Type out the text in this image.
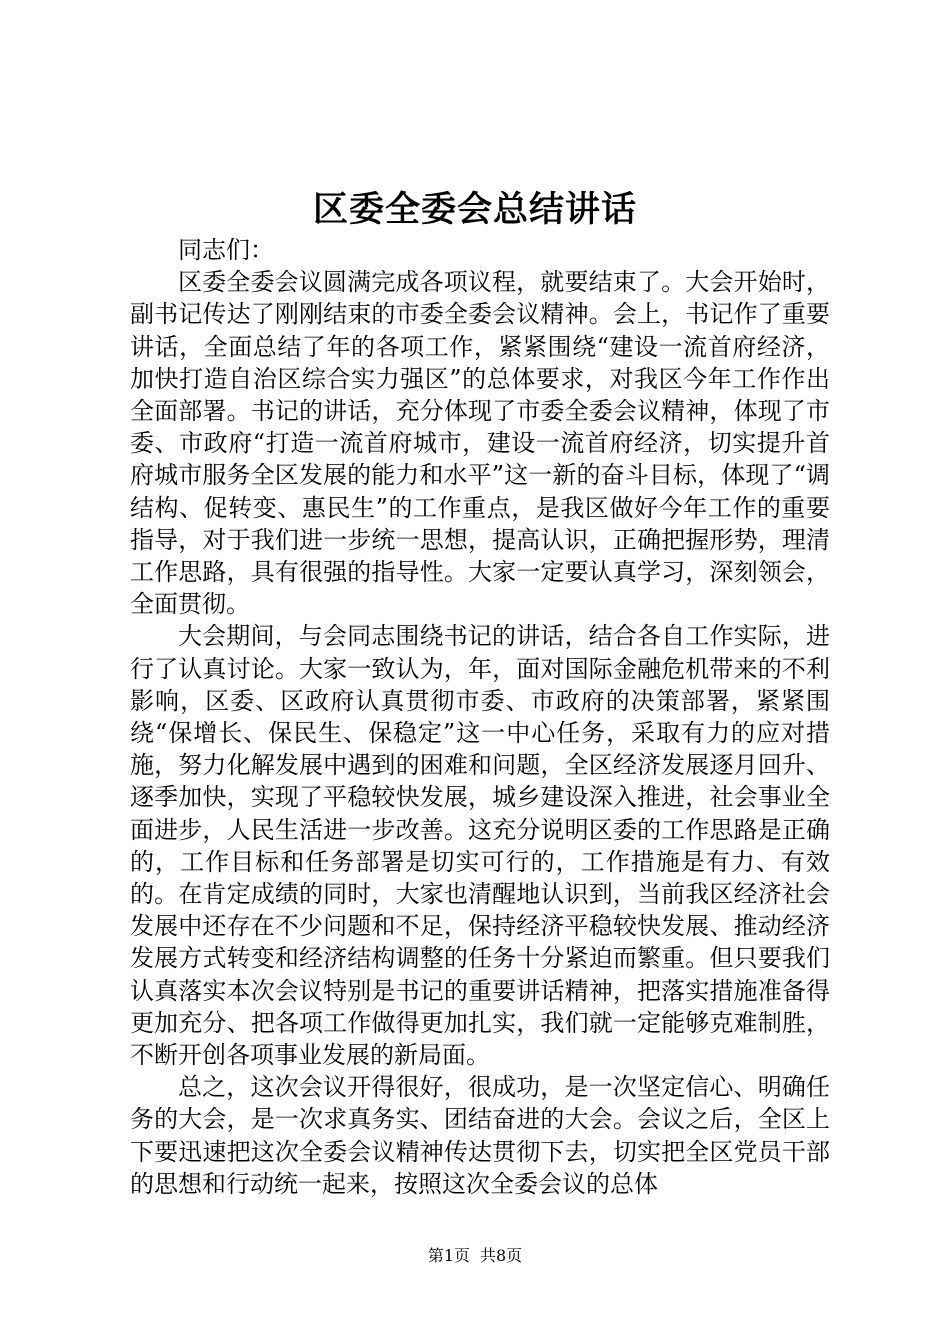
区委全委会总结讲话

同志们：

区委全委会议圆满完成各项议程，就要结束了。大会开始时，副书记传达了刚刚结束的市委全委会议精神。会上，书记作了重要讲话，全面总结了年的各项工作，紧紧围绕“建设一流首府经济，加快打造自治区综合实力强区”的总体要求，对我区今年工作作出全面部署。书记的讲话，充分体现了市委全委会议精神，体现了市委、市政府“打造一流首府城市，建设一流首府经济，切实提升首府城市服务全区发展的能力和水平”这一新的奋斗目标，体现了“调结构、促转变、惠民生”的工作重点，是我区做好今年工作的重要指导，对于我们进一步统一思想，提高认识，正确把握形势，理清工作思路，具有很强的指导性。大家一定要认真学习，深刻领会，全面贯彻。

大会期间，与会同志围绕书记的讲话，结合各自工作实际，进行了认真讨论。大家一致认为，年，面对国际金融危机带来的不利影响，区委、区政府认真贯彻市委、市政府的决策部署，紧紧围绕“保增长、保民生、保稳定”这一中心任务，采取有力的应对措施，努力化解发展中遇到的困难和问题，全区经济发展逐月回升、逐季加快，实现了平稳较快发展，城乡建设深入推进，社会事业全面进步，人民生活进一步改善。这充分说明区委的工作思路是正确的，工作目标和任务部署是切实可行的，工作措施是有力、有效的。在肯定成绩的同时，大家也清醒地认识到，当前我区经济社会发展中还存在不少问题和不足，保持经济平稳较快发展、推动经济发展方式转变和经济结构调整的任务十分紧迫而繁重。但只要我们认真落实本次会议特别是书记的重要讲话精神，把落实措施准备得更加充分、把各项工作做得更加扎实，我们就一定能够克难制胜，不断开创各项事业发展的新局面。

总之，这次会议开得很好，很成功，是一次坚定信心、明确任务的大会，是一次求真务实、团结奋进的大会。会议之后，全区上下要迅速把这次全委会议精神传达贯彻下去，切实把全区党员干部的思想和行动统一起来，按照这次全委会议的总体

第1页 共8页
